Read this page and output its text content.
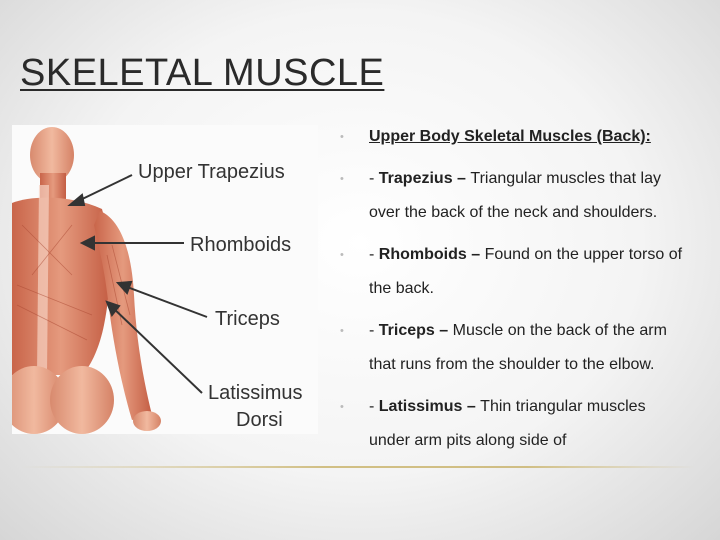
SKELETAL MUSCLE
Upper Trapezius
Rhomboids
Triceps
Latissimus
Dorsi
• Upper Body Skeletal Muscles (Back):
• - Trapezius – Triangular muscles that lay over the back of the neck and shoulders.
• - Rhomboids – Found on the upper torso of the back.
• - Triceps – Muscle on the back of the arm that runs from the shoulder to the elbow.
• - Latissimus – Thin triangular muscles under arm pits along side of
